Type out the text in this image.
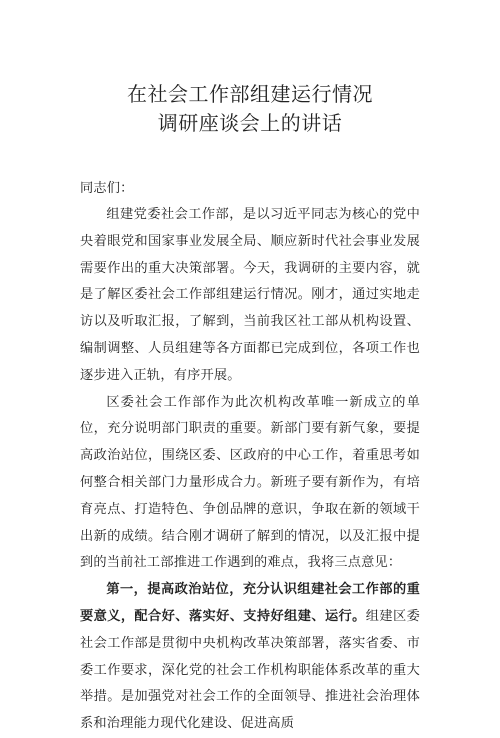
在社会工作部组建运行情况
调研座谈会上的讲话
同志们：

组建党委社会工作部，是以习近平同志为核心的党中央着眼党和国家事业发展全局、顺应新时代社会事业发展需要作出的重大决策部署。今天，我调研的主要内容，就是了解区委社会工作部组建运行情况。刚才，通过实地走访以及听取汇报，了解到，当前我区社工部从机构设置、编制调整、人员组建等各方面都已完成到位，各项工作也逐步进入正轨，有序开展。

区委社会工作部作为此次机构改革唯一新成立的单位，充分说明部门职责的重要。新部门要有新气象，要提高政治站位，围绕区委、区政府的中心工作，着重思考如何整合相关部门力量形成合力。新班子要有新作为，有培育亮点、打造特色、争创品牌的意识，争取在新的领域干出新的成绩。结合刚才调研了解到的情况，以及汇报中提到的当前社工部推进工作遇到的难点，我将三点意见：

第一，提高政治站位，充分认识组建社会工作部的重要意义，配合好、落实好、支持好组建、运行。组建区委社会工作部是贯彻中央机构改革决策部署，落实省委、市委工作要求，深化党的社会工作机构职能体系改革的重大举措。是加强党对社会工作的全面领导、推进社会治理体系和治理能力现代化建设、促进高质
